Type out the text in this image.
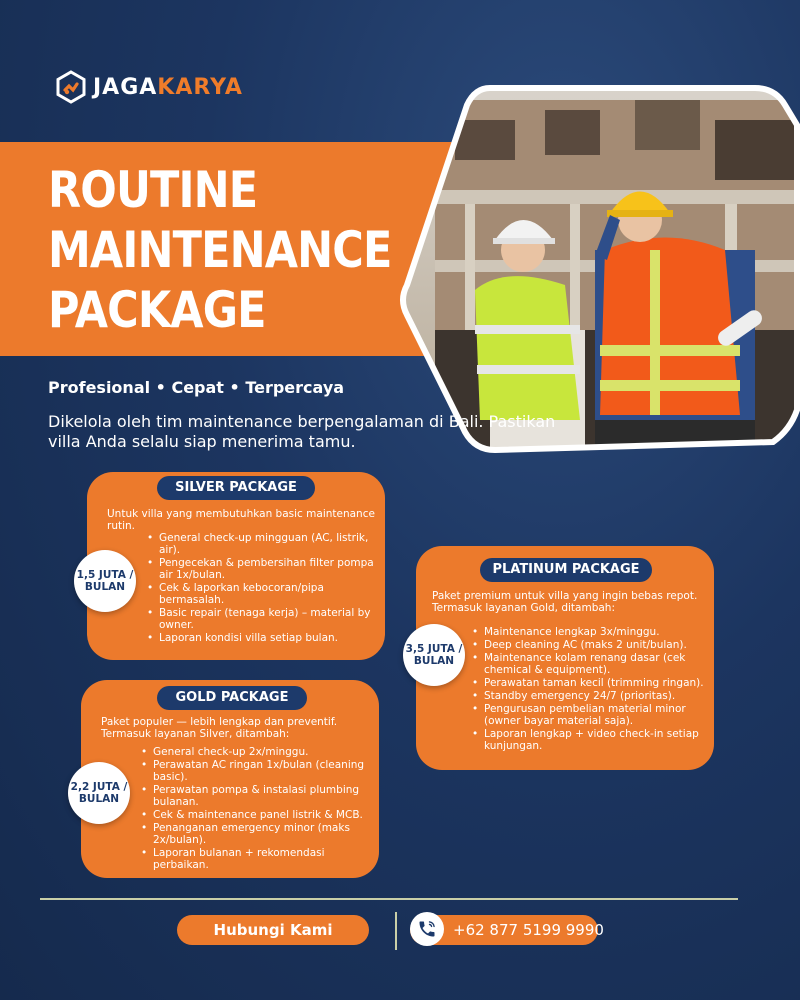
JAGAKARYA
ROUTINE
MAINTENANCE
PACKAGE
Profesional • Cepat • Terpercaya
Dikelola oleh tim maintenance berpengalaman di Bali. Pastikan villa Anda selalu siap menerima tamu.
SILVER PACKAGE
Untuk villa yang membutuhkan basic maintenance rutin.
• General check-up mingguan (AC, listrik, air).
• Pengecekan & pembersihan filter pompa air 1x/bulan.
• Cek & laporkan kebocoran/pipa bermasalah.
• Basic repair (tenaga kerja) – material by owner.
• Laporan kondisi villa setiap bulan.
1,5 JUTA /
BULAN
GOLD PACKAGE
Paket populer — lebih lengkap dan preventif. Termasuk layanan Silver, ditambah:
• General check-up 2x/minggu.
• Perawatan AC ringan 1x/bulan (cleaning basic).
• Perawatan pompa & instalasi plumbing bulanan.
• Cek & maintenance panel listrik & MCB.
• Penanganan emergency minor (maks 2x/bulan).
• Laporan bulanan + rekomendasi perbaikan.
2,2 JUTA /
BULAN
PLATINUM PACKAGE
Paket premium untuk villa yang ingin bebas repot. Termasuk layanan Gold, ditambah:
• Maintenance lengkap 3x/minggu.
• Deep cleaning AC (maks 2 unit/bulan).
• Maintenance kolam renang dasar (cek chemical & equipment).
• Perawatan taman kecil (trimming ringan).
• Standby emergency 24/7 (prioritas).
• Pengurusan pembelian material minor (owner bayar material saja).
• Laporan lengkap + video check-in setiap kunjungan.
3,5 JUTA /
BULAN
Hubungi Kami	+62 877 5199 9990
